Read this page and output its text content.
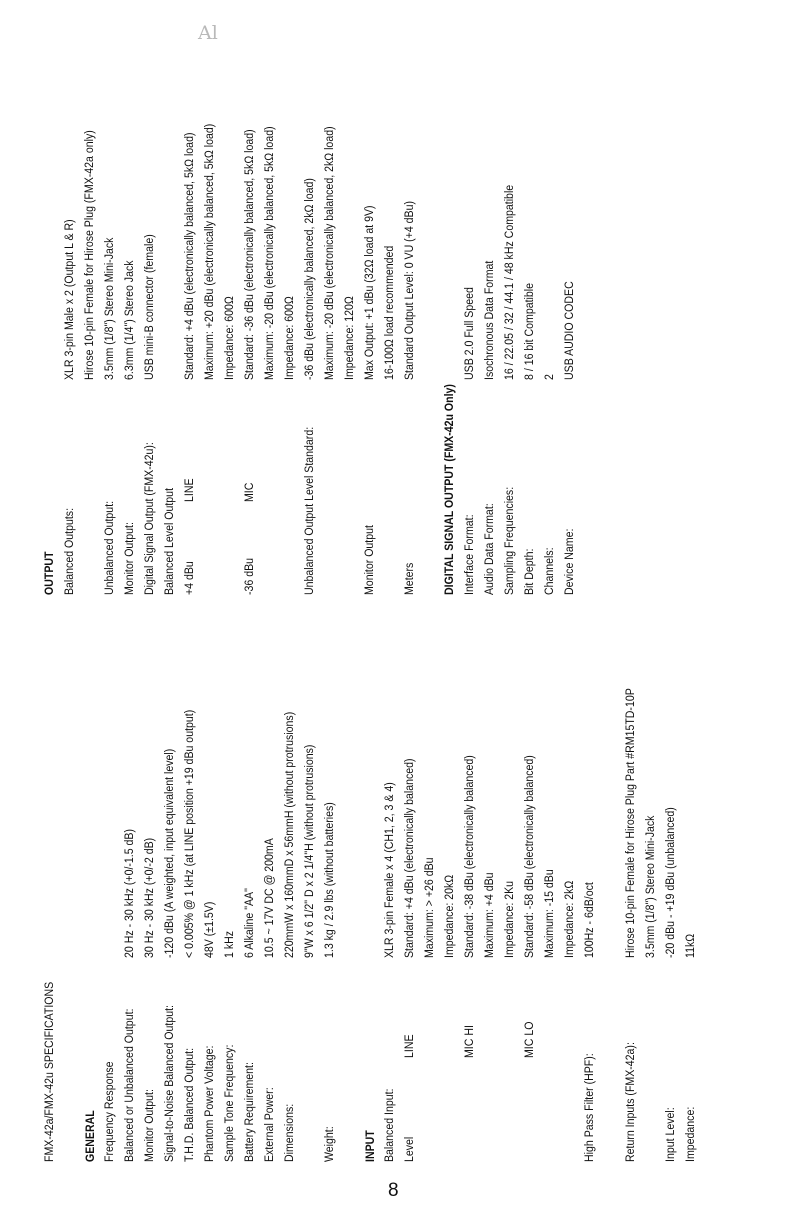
Al
FMX-42a/FMX-42u SPECIFICATIONS GENERAL Frequency Response Balanced or Unbalanced Output: Monitor Output: Signal-to-Noise Balanced Output: T.H.D. Balanced Output: Phantom Power Voltage: Sample Tone Frequency: Battery Requirement: External Power: Dimensions: Weight:
20 Hz - 30 kHz (+0/-1.5 dB) 30 Hz - 30 kHz (+0/-2 dB) -120 dBu (A weighted, input equivalent level) < 0.005% @ 1 kHz (at LINE position +19 dBu output) 48V (±1.5V) 1 kHz 6 Alkaline "AA" 10.5 ~ 17V DC @ 200mA 220mmW x 160mmD x 56mmH (without protrusions) 9"W x 6 1/2" D x 2 1/4"H (without protrusions) 1.3 kg / 2.9 lbs (without batteries)
INPUT Balanced Input:
XLR 3-pin Female x 4 (CH1, 2, 3 & 4)
Level
LINE
Standard: +4 dBu (electronically balanced) Maximum: > +26 dBu Impedance: 20kΩ
MIC HI
Standard: -38 dBu (electronically balanced) Maximum: +4 dBu Impedance: 2Ku
MIC LO
Standard: -58 dBu (electronically balanced) Maximum: -15 dBu Impedance: 2kΩ
High Pass Filter (HPF):
100Hz - 6dB/oct
Return Inputs (FMX-42a):
Hirose 10-pin Female for Hirose Plug Part #RM15TD-10P 3.5mm (1/8") Stereo Mini-Jack
Input Level:
-20 dBu - +19 dBu (unbalanced)
Impedance:
11kΩ
OUTPUT Balanced Outputs:
XLR 3-pin Male x 2 (Output L & R) Hirose 10-pin Female for Hirose Plug (FMX-42a only)
Unbalanced Output:
3.5mm (1/8") Stereo Mini-Jack
Monitor Output:
6.3mm (1/4") Stereo Jack
Digital Signal Output (FMX-42u):
USB mini-B connector (female)
Balanced Level Output +4 dBu
LINE
Standard: +4 dBu (electronically balanced, 5kΩ load) Maximum: +20 dBu (electronically balanced, 5kΩ load) Impedance: 600Ω
-36 dBu
MIC
Standard: -36 dBu (electronically balanced, 5kΩ load) Maximum: -20 dBu (electronically balanced, 5kΩ load) Impedance: 600Ω
Unbalanced Output Level Standard:
-36 dBu (electronically balanced, 2kΩ load) Maximum: -20 dBu (electronically balanced, 2kΩ load) Impedance: 120Ω
Monitor Output
Max Output: +1 dBu (32Ω load at 9V) 16-100Ω load recommended
Meters
Standard Output Level: 0 VU (+4 dBu)
DIGITAL SIGNAL OUTPUT (FMX-42u Only) Interface Format:
USB 2.0 Full Speed
Audio Data Format:
Isochronous Data Format
Sampling Frequencies:
16 / 22.05 / 32 / 44.1 / 48 kHz Compatible
Bit Depth:
8 / 16 bit Compatible
Channels:
2
Device Name:
USB AUDIO CODEC
8
